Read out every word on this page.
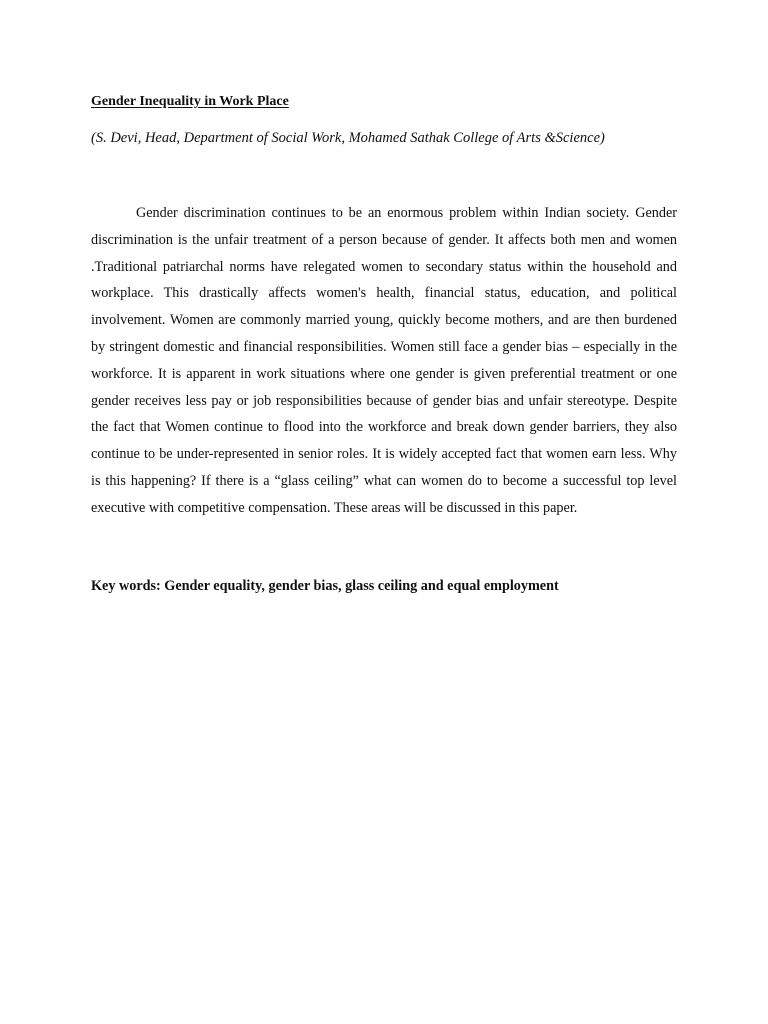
Gender Inequality in Work Place
(S. Devi, Head, Department of Social Work, Mohamed Sathak College of Arts &Science)

Gender discrimination continues to be an enormous problem within Indian society. Gender discrimination is the unfair treatment of a person because of gender. It affects both men and women .Traditional patriarchal norms have relegated women to secondary status within the household and workplace. This drastically affects women's health, financial status, education, and political involvement. Women are commonly married young, quickly become mothers, and are then burdened by stringent domestic and financial responsibilities. Women still face a gender bias – especially in the workforce. It is apparent in work situations where one gender is given preferential treatment or one gender receives less pay or job responsibilities because of gender bias and unfair stereotype. Despite the fact that Women continue to flood into the workforce and break down gender barriers, they also continue to be under-represented in senior roles. It is widely accepted fact that women earn less. Why is this happening? If there is a “glass ceiling” what can women do to become a successful top level executive with competitive compensation. These areas will be discussed in this paper.

Key words: Gender equality, gender bias, glass ceiling and equal employment
